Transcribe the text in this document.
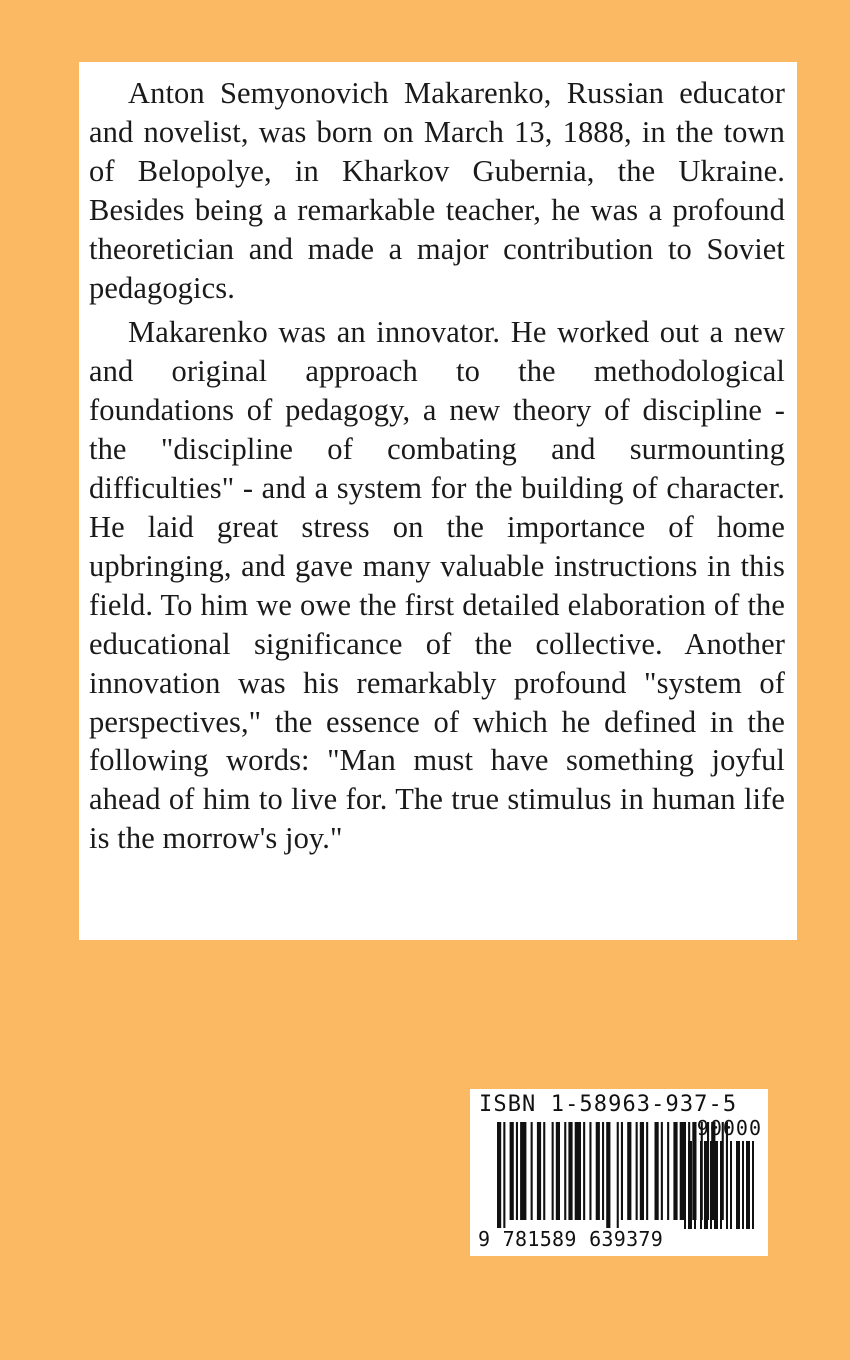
Anton Semyonovich Makarenko, Russian educator and novelist, was born on March 13, 1888, in the town of Belopolye, in Kharkov Gubernia, the Ukraine. Besides being a remarkable teacher, he was a profound theoretician and made a major contribution to Soviet pedagogics.

Makarenko was an innovator. He worked out a new and original approach to the methodological foundations of pedagogy, a new theory of discipline - the "discipline of combating and surmounting difficulties" - and a system for the building of character. He laid great stress on the importance of home upbringing, and gave many valuable instructions in this field. To him we owe the first detailed elaboration of the educational significance of the collective. Another innovation was his remarkably profound "system of perspectives," the essence of which he defined in the following words: "Man must have something joyful ahead of him to live for. The true stimulus in human life is the morrow's joy."

ISBN 1-58963-937-5
90000
9 781589 639379
